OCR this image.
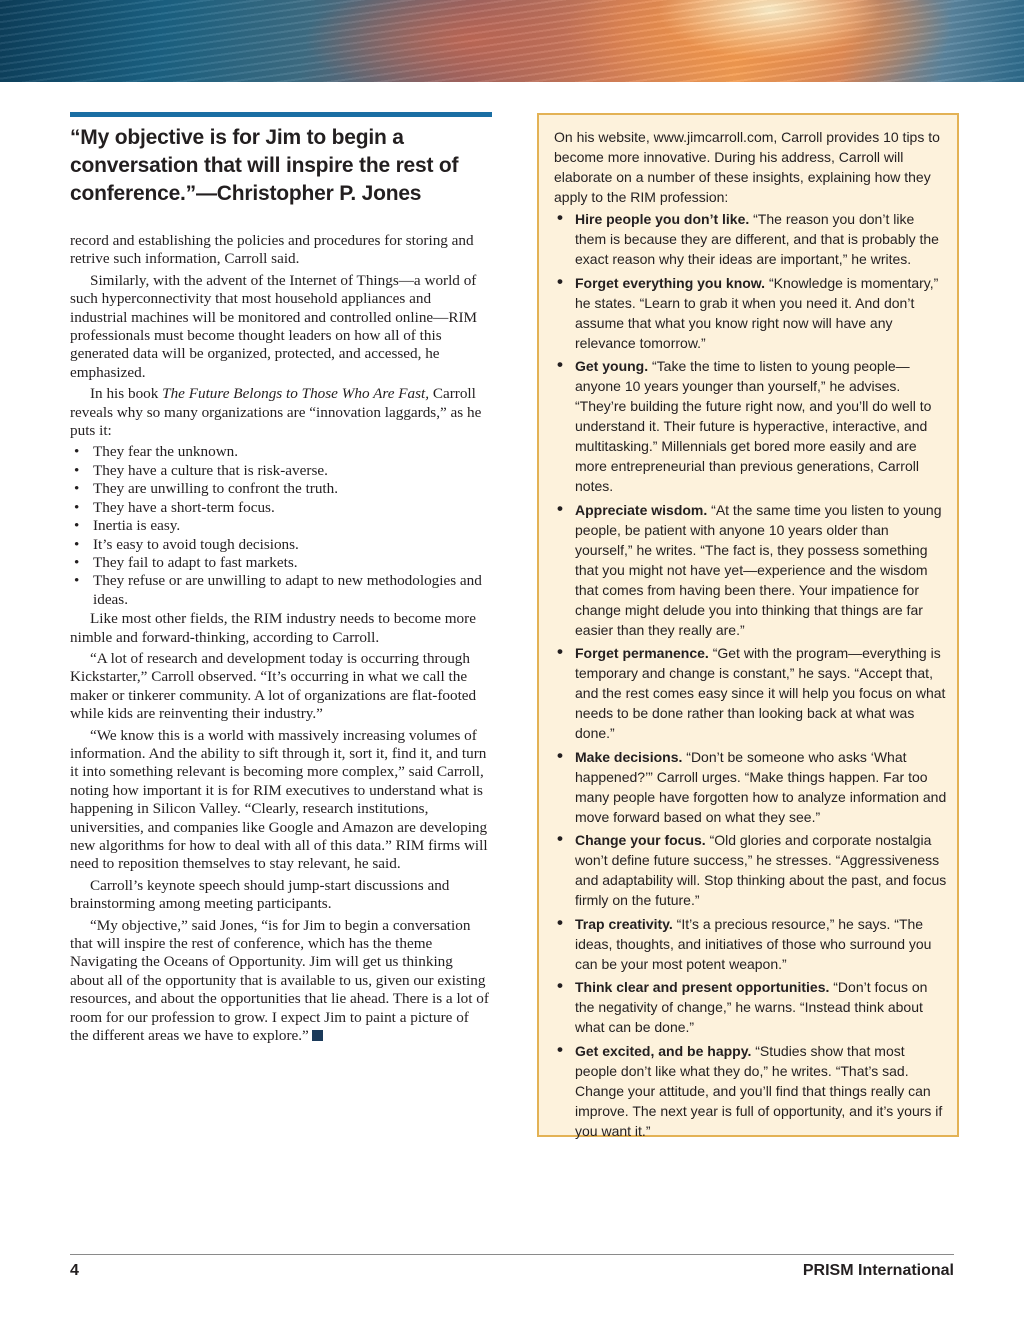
“My objective is for Jim to begin a conversation that will inspire the rest of conference.”—Christopher P. Jones

record and establishing the policies and procedures for storing and retrive such information, Carroll said.

Similarly, with the advent of the Internet of Things—a world of such hyperconnectivity that most household appliances and industrial machines will be monitored and controlled online—RIM professionals must become thought leaders on how all of this generated data will be organized, protected, and accessed, he emphasized.

In his book The Future Belongs to Those Who Are Fast, Carroll reveals why so many organizations are “innovation laggards,” as he puts it:

• They fear the unknown.
• They have a culture that is risk-averse.
• They are unwilling to confront the truth.
• They have a short-term focus.
• Inertia is easy.
• It’s easy to avoid tough decisions.
• They fail to adapt to fast markets.
• They refuse or are unwilling to adapt to new methodologies and ideas.

Like most other fields, the RIM industry needs to become more nimble and forward-thinking, according to Carroll.

“A lot of research and development today is occurring through Kickstarter,” Carroll observed. “It’s occurring in what we call the maker or tinkerer community. A lot of organizations are flat-footed while kids are reinventing their industry.”

“We know this is a world with massively increasing volumes of information. And the ability to sift through it, sort it, find it, and turn it into something relevant is becoming more complex,” said Carroll, noting how important it is for RIM executives to understand what is happening in Silicon Valley. “Clearly, research institutions, universities, and companies like Google and Amazon are developing new algorithms for how to deal with all of this data.” RIM firms will need to reposition themselves to stay relevant, he said.

Carroll’s keynote speech should jump-start discussions and brainstorming among meeting participants.

“My objective,” said Jones, “is for Jim to begin a conversation that will inspire the rest of conference, which has the theme Navigating the Oceans of Opportunity. Jim will get us thinking about all of the opportunity that is available to us, given our existing resources, and about the opportunities that lie ahead. There is a lot of room for our profession to grow. I expect Jim to paint a picture of the different areas we have to explore.”

On his website, www.jimcarroll.com, Carroll provides 10 tips to become more innovative. During his address, Carroll will elaborate on a number of these insights, explaining how they apply to the RIM profession:

• Hire people you don’t like. “The reason you don’t like them is because they are different, and that is probably the exact reason why their ideas are important,” he writes.
• Forget everything you know. “Knowledge is momentary,” he states. “Learn to grab it when you need it. And don’t assume that what you know right now will have any relevance tomorrow.”
• Get young. “Take the time to listen to young people—anyone 10 years younger than yourself,” he advises. “They’re building the future right now, and you’ll do well to understand it. Their future is hyperactive, interactive, and multitasking.” Millennials get bored more easily and are more entrepreneurial than previous generations, Carroll notes.
• Appreciate wisdom. “At the same time you listen to young people, be patient with anyone 10 years older than yourself,” he writes. “The fact is, they possess something that you might not have yet—experience and the wisdom that comes from having been there. Your impatience for change might delude you into thinking that things are far easier than they really are.”
• Forget permanence. “Get with the program—everything is temporary and change is constant,” he says. “Accept that, and the rest comes easy since it will help you focus on what needs to be done rather than looking back at what was done.”
• Make decisions. “Don’t be someone who asks ‘What happened?’” Carroll urges. “Make things happen. Far too many people have forgotten how to analyze information and move forward based on what they see.”
• Change your focus. “Old glories and corporate nostalgia won’t define future success,” he stresses. “Aggressiveness and adaptability will. Stop thinking about the past, and focus firmly on the future.”
• Trap creativity. “It’s a precious resource,” he says. “The ideas, thoughts, and initiatives of those who surround you can be your most potent weapon.”
• Think clear and present opportunities. “Don’t focus on the negativity of change,” he warns. “Instead think about what can be done.”
• Get excited, and be happy. “Studies show that most people don’t like what they do,” he writes. “That’s sad. Change your attitude, and you’ll find that things really can improve. The next year is full of opportunity, and it’s yours if you want it.”
4	PRISM International
